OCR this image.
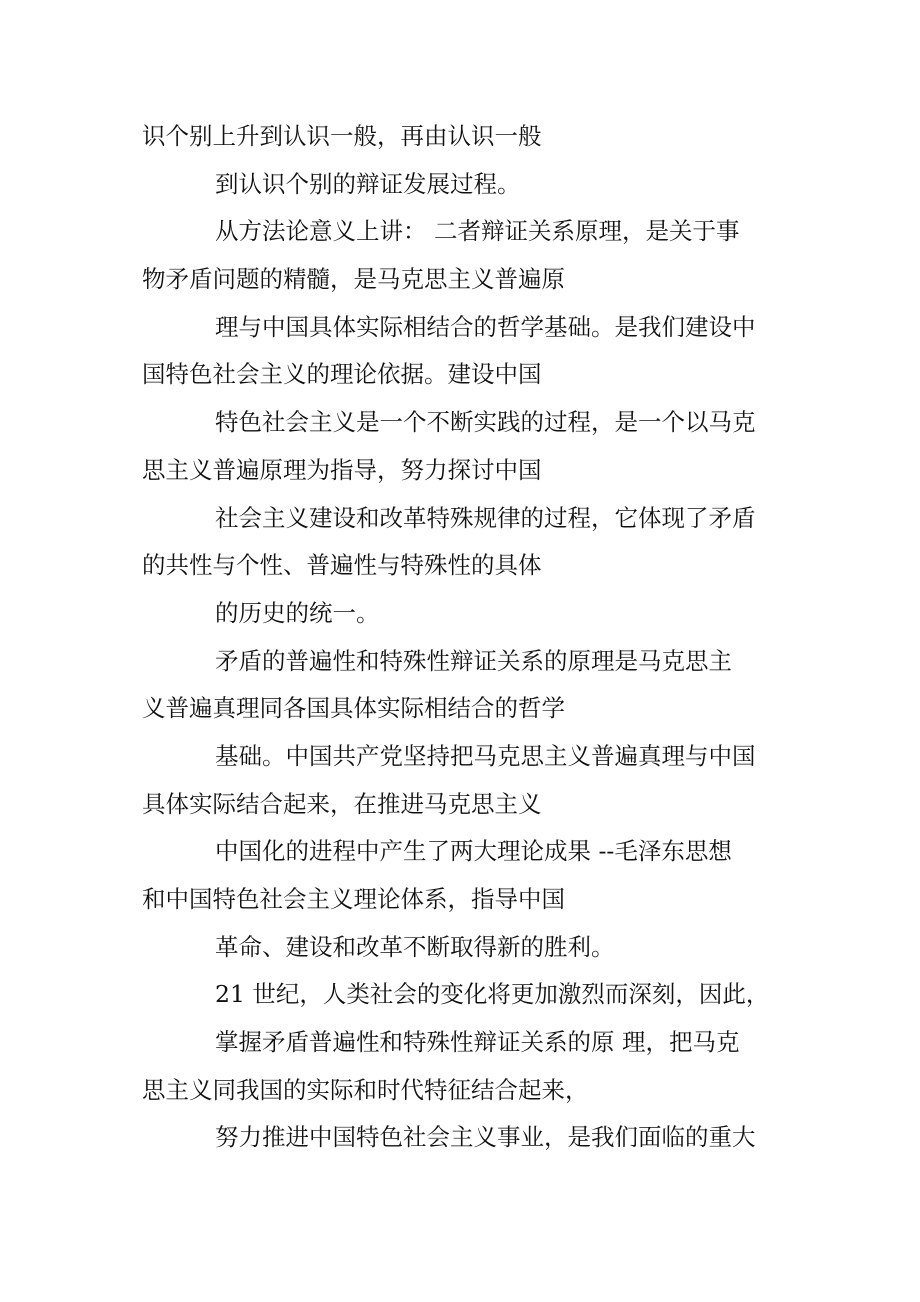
识个别上升到认识一般，再由认识一般
到认识个别的辩证发展过程。
从方法论意义上讲： 二者辩证关系原理，是关于事
物矛盾问题的精髓，是马克思主义普遍原
理与中国具体实际相结合的哲学基础。是我们建设中
国特色社会主义的理论依据。建设中国
特色社会主义是一个不断实践的过程，是一个以马克
思主义普遍原理为指导，努力探讨中国
社会主义建设和改革特殊规律的过程，它体现了矛盾
的共性与个性、普遍性与特殊性的具体
的历史的统一。
矛盾的普遍性和特殊性辩证关系的原理是马克思主
义普遍真理同各国具体实际相结合的哲学
基础。中国共产党坚持把马克思主义普遍真理与中国
具体实际结合起来，在推进马克思主义
中国化的进程中产生了两大理论成果 --毛泽东思想
和中国特色社会主义理论体系，指导中国
革命、建设和改革不断取得新的胜利。
21 世纪，人类社会的变化将更加激烈而深刻，因此，
掌握矛盾普遍性和特殊性辩证关系的原 理，把马克
思主义同我国的实际和时代特征结合起来，
努力推进中国特色社会主义事业，是我们面临的重大
